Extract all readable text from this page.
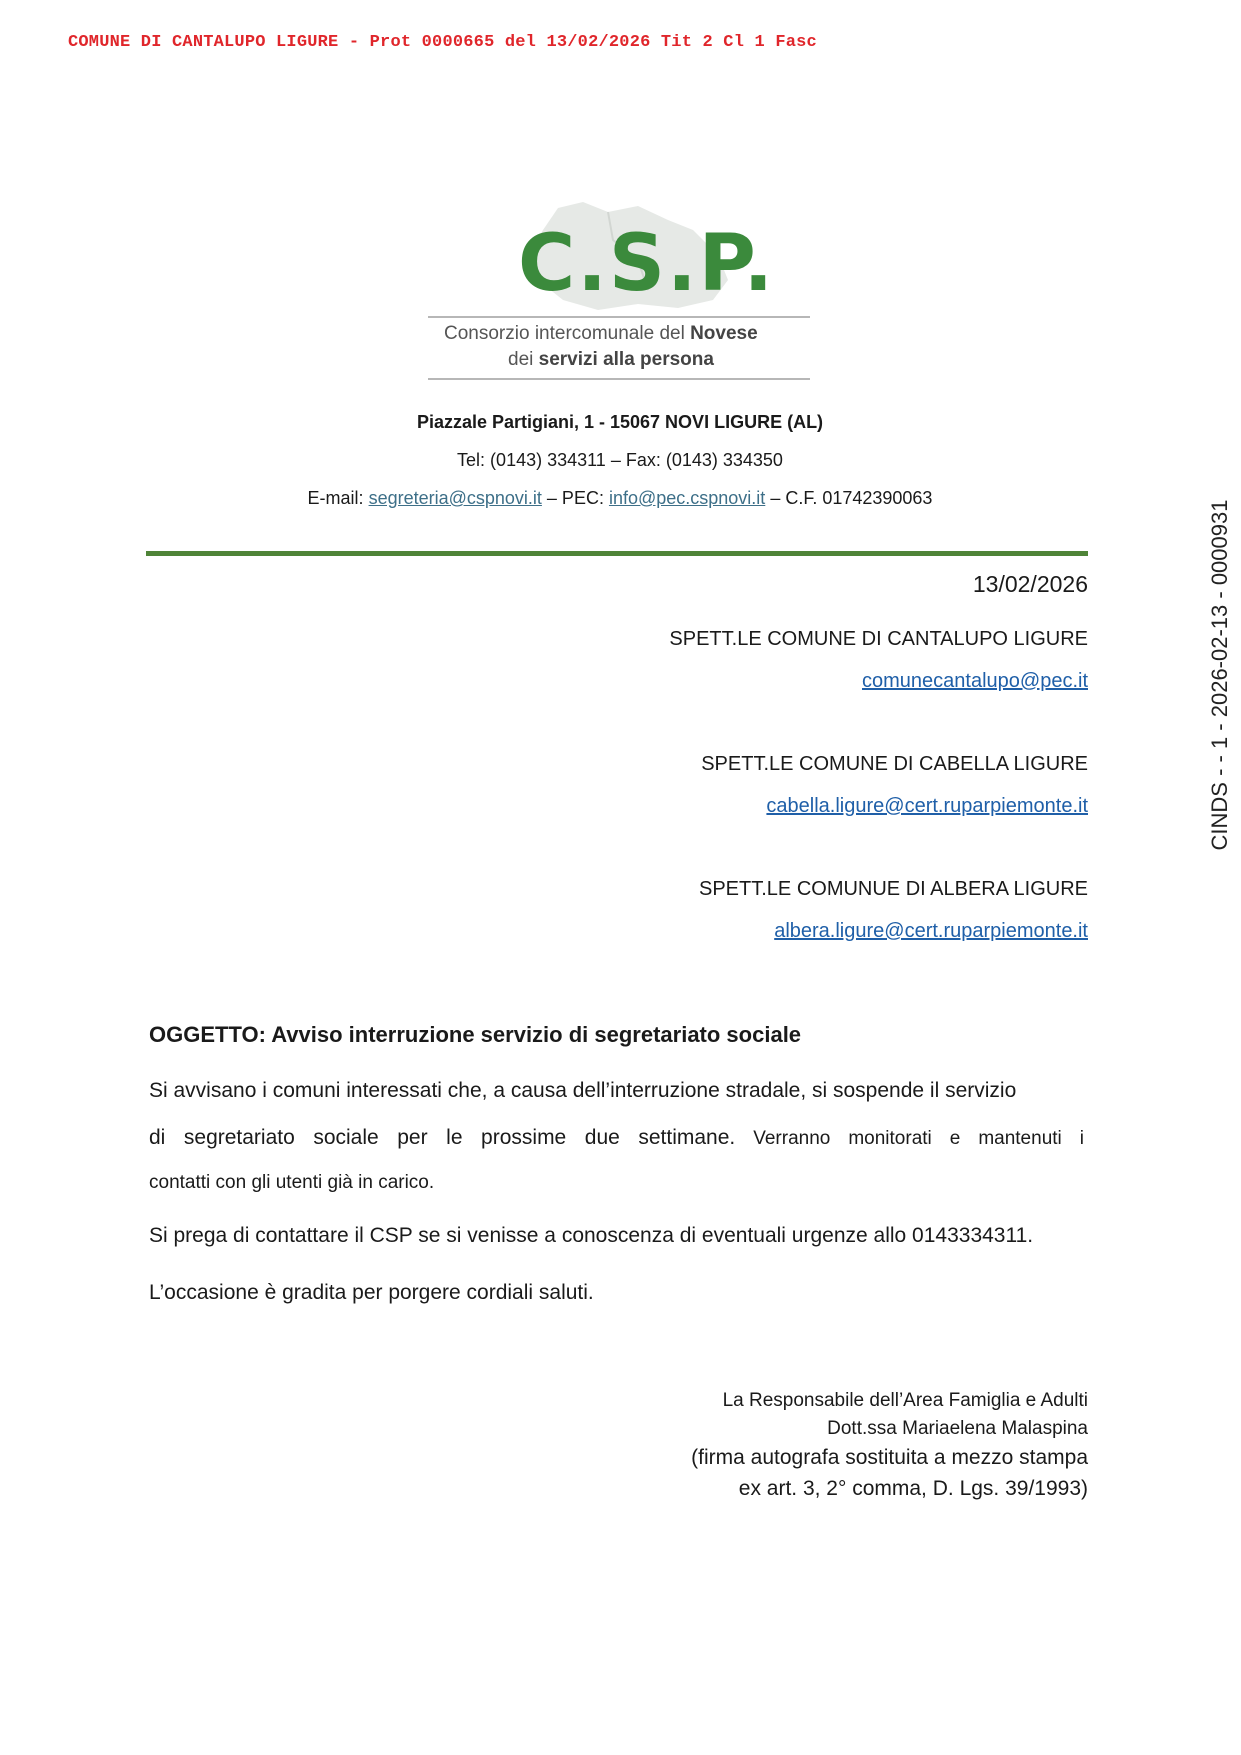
COMUNE DI CANTALUPO LIGURE - Prot 0000665 del 13/02/2026 Tit 2 Cl 1 Fasc
CINDS - - 1 - 2026-02-13 - 0000931
C.S.P.
Consorzio intercomunale del Novese
dei servizi alla persona
Piazzale Partigiani, 1 - 15067 NOVI LIGURE (AL)
Tel: (0143) 334311 – Fax: (0143) 334350
E-mail: segreteria@cspnovi.it – PEC: info@pec.cspnovi.it – C.F. 01742390063
13/02/2026
SPETT.LE COMUNE DI CANTALUPO LIGURE
comunecantalupo@pec.it
SPETT.LE COMUNE DI CABELLA LIGURE
cabella.ligure@cert.ruparpiemonte.it
SPETT.LE COMUNUE DI ALBERA LIGURE
albera.ligure@cert.ruparpiemonte.it
OGGETTO: Avviso interruzione servizio di segretariato sociale
Si avvisano i comuni interessati che, a causa dell’interruzione stradale, si sospende il servizio
di segretariato sociale per le prossime due settimane. Verranno monitorati e mantenuti i
contatti con gli utenti già in carico.
Si prega di contattare il CSP se si venisse a conoscenza di eventuali urgenze allo 0143334311.
L’occasione è gradita per porgere cordiali saluti.
La Responsabile dell’Area Famiglia e Adulti
Dott.ssa Mariaelena Malaspina
(firma autografa sostituita a mezzo stampa
ex art. 3, 2° comma, D. Lgs. 39/1993)
